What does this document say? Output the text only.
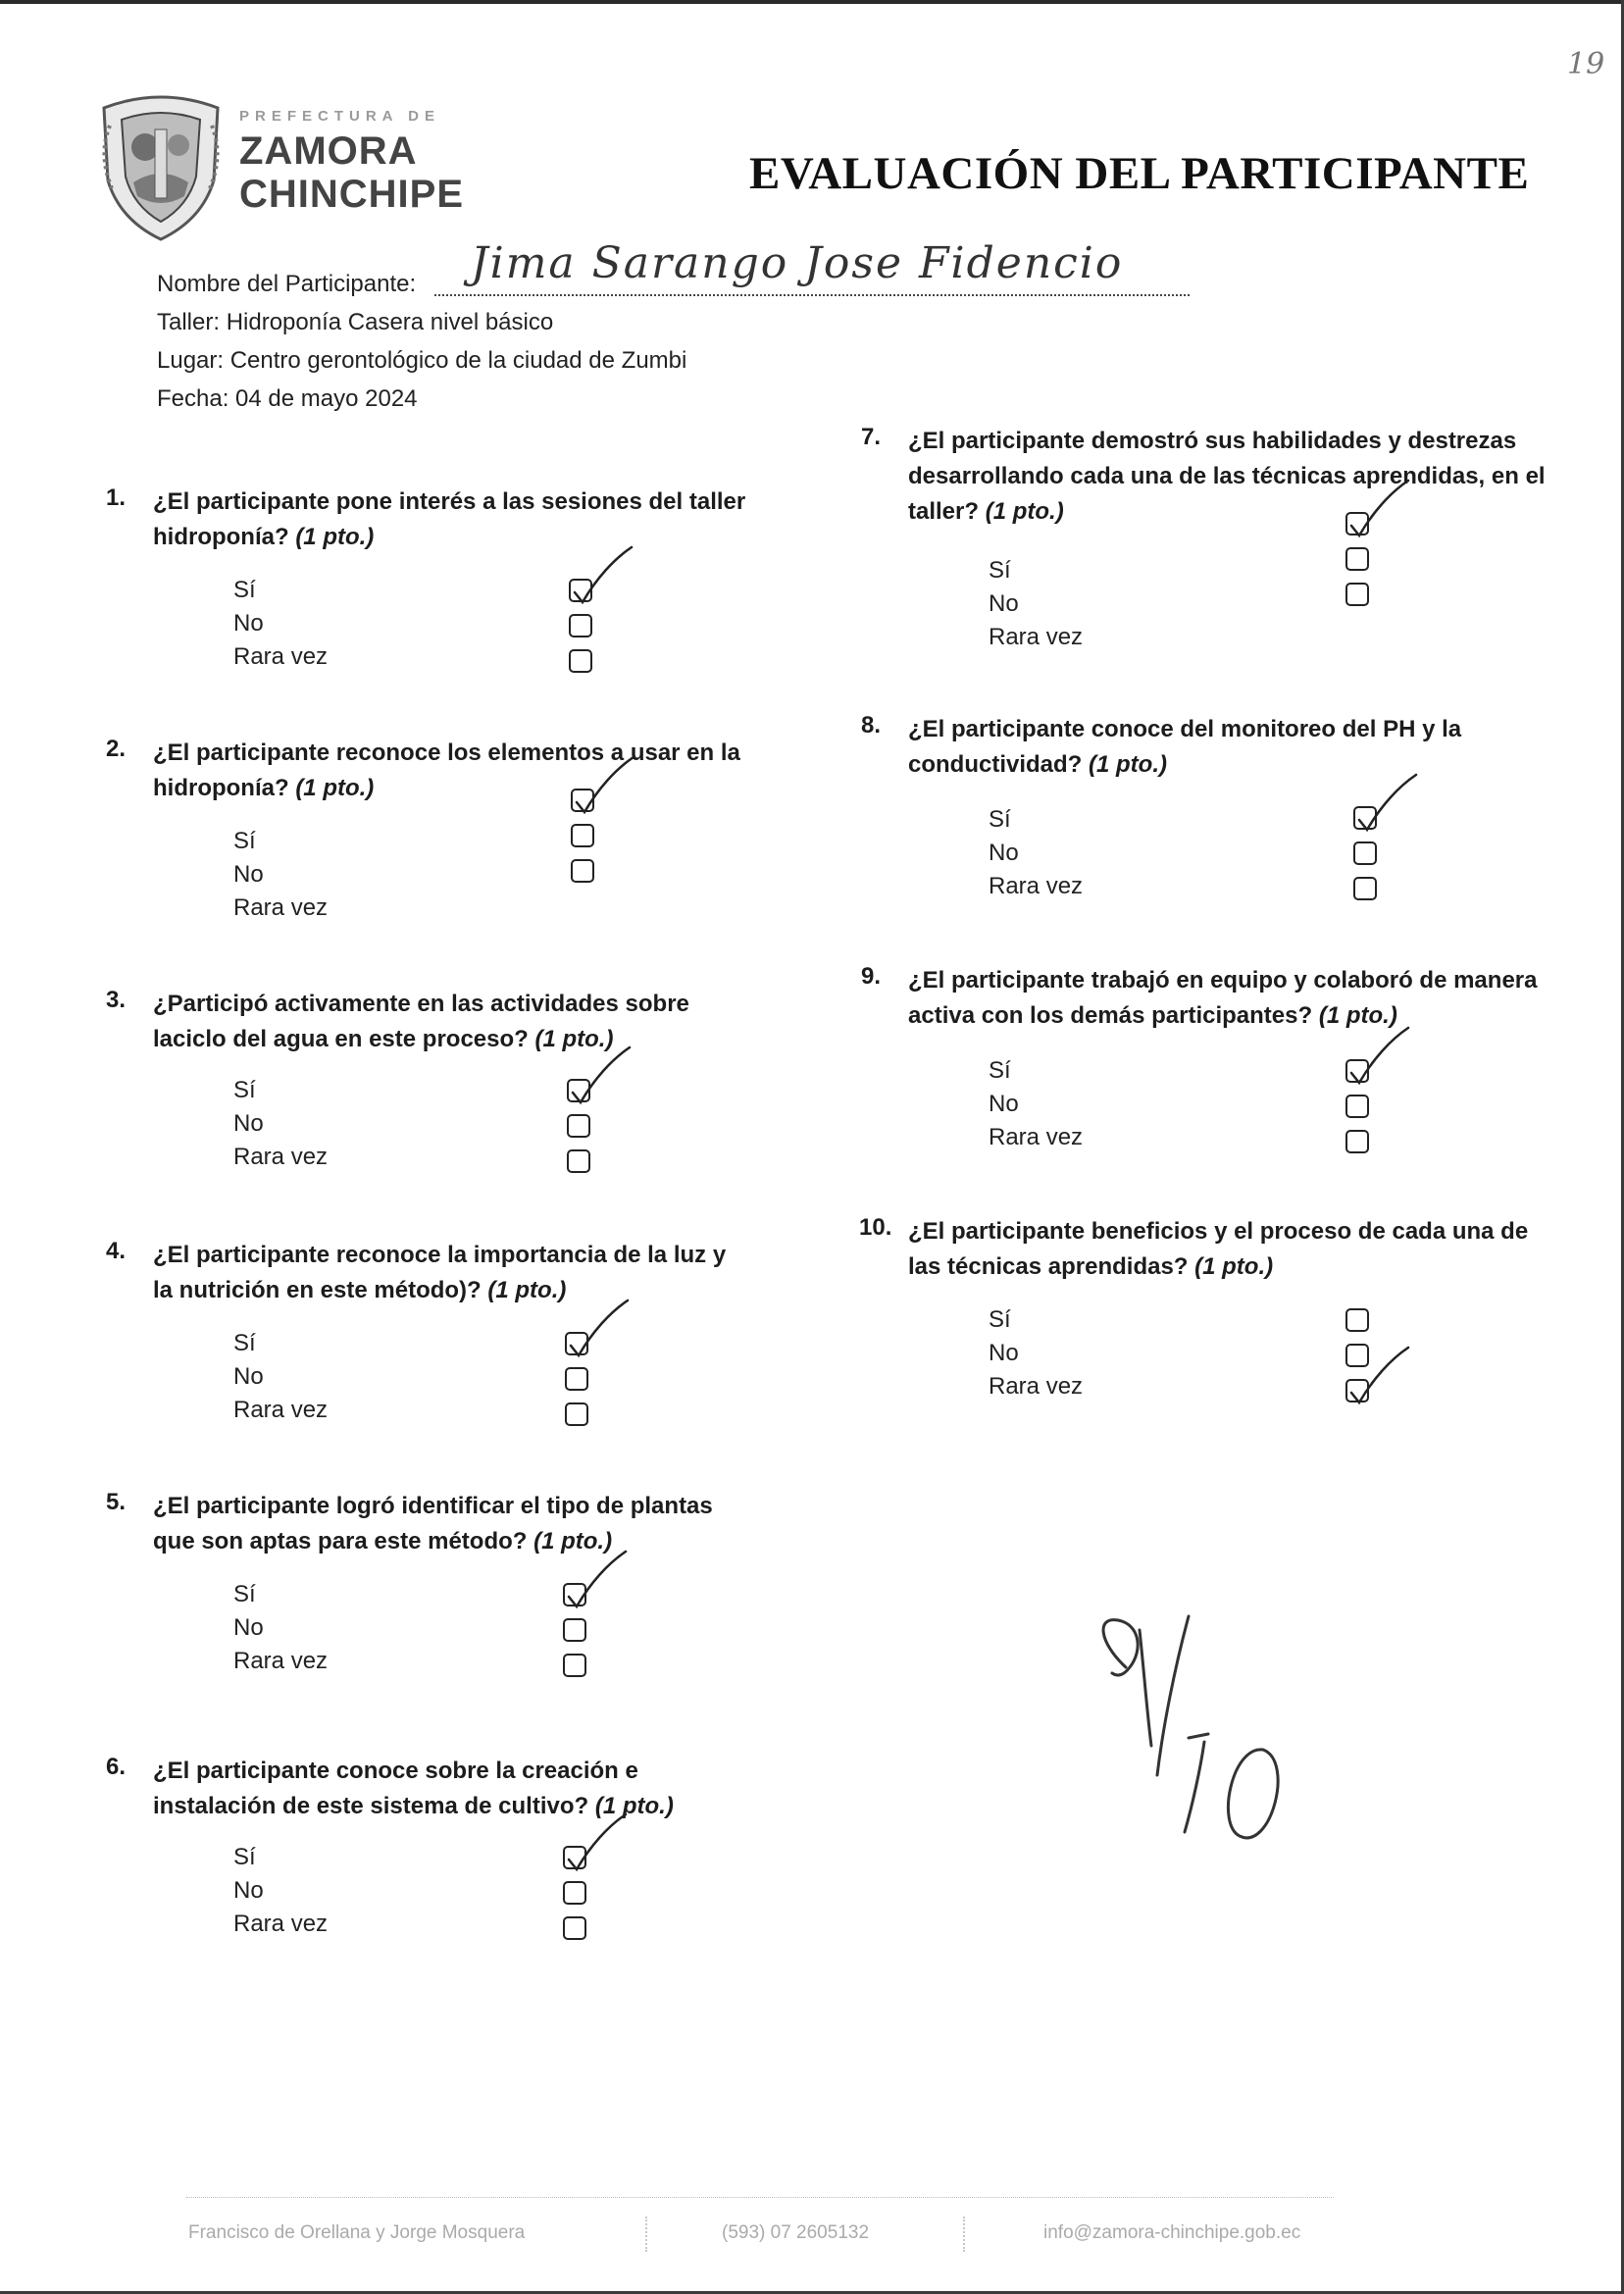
19
PREFECTURA DE
ZAMORA
CHINCHIPE	EVALUACIÓN DEL PARTICIPANTE
Nombre del Participante: Jima Sarango Jose Fidencio
Taller: Hidroponía Casera nivel básico
Lugar: Centro gerontológico de la ciudad de Zumbi
Fecha: 04 de mayo 2024
1. ¿El participante pone interés a las sesiones del taller hidroponía? (1 pto.)
Sí
No
Rara vez
2. ¿El participante reconoce los elementos a usar en la hidroponía? (1 pto.)
Sí
No
Rara vez
3. ¿Participó activamente en las actividades sobre laciclo del agua en este proceso? (1 pto.)
Sí
No
Rara vez
4. ¿El participante reconoce la importancia de la luz y la nutrición en este método)? (1 pto.)
Sí
No
Rara vez
5. ¿El participante logró identificar el tipo de plantas que son aptas para este método? (1 pto.)
Sí
No
Rara vez
6. ¿El participante conoce sobre la creación e instalación de este sistema de cultivo? (1 pto.)
Sí
No
Rara vez
7. ¿El participante demostró sus habilidades y destrezas desarrollando cada una de las técnicas aprendidas, en el taller? (1 pto.)
Sí
No
Rara vez
8. ¿El participante conoce del monitoreo del PH y la conductividad? (1 pto.)
Sí
No
Rara vez
9. ¿El participante trabajó en equipo y colaboró de manera activa con los demás participantes? (1 pto.)
Sí
No
Rara vez
10. ¿El participante beneficios y el proceso de cada una de las técnicas aprendidas? (1 pto.)
Sí
No
Rara vez
Francisco de Orellana y Jorge Mosquera	(593) 07 2605132	info@zamora-chinchipe.gob.ec
